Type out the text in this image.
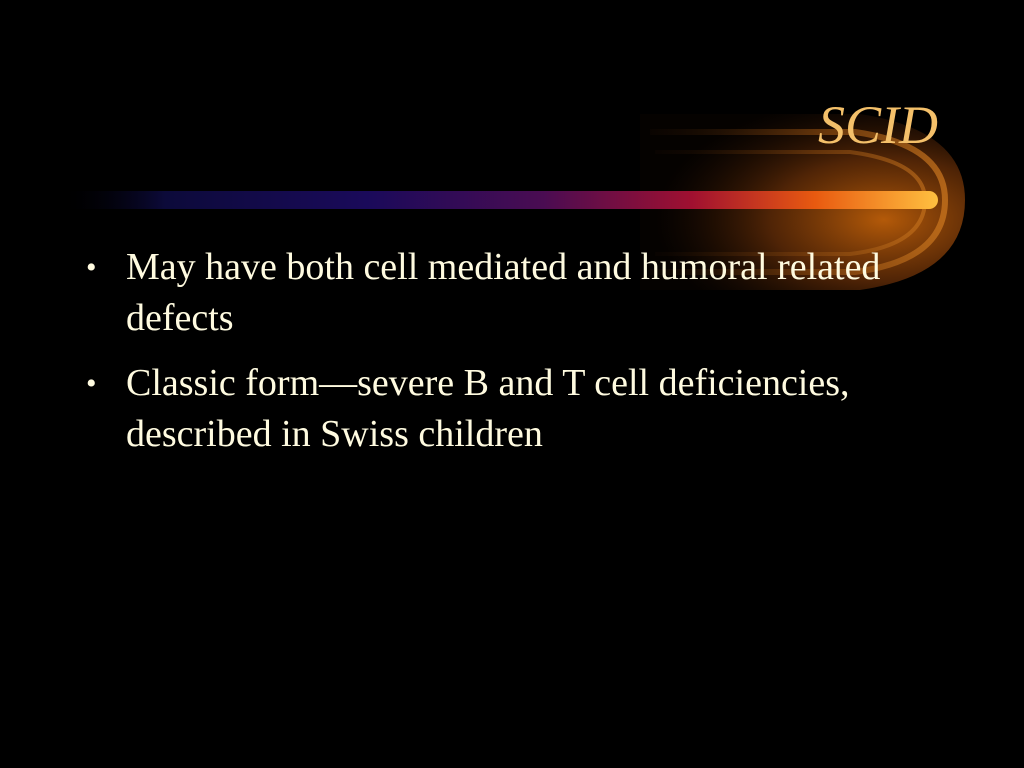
SCID
• May have both cell mediated and humoral related defects
• Classic form—severe B and T cell deficiencies, described in Swiss children
